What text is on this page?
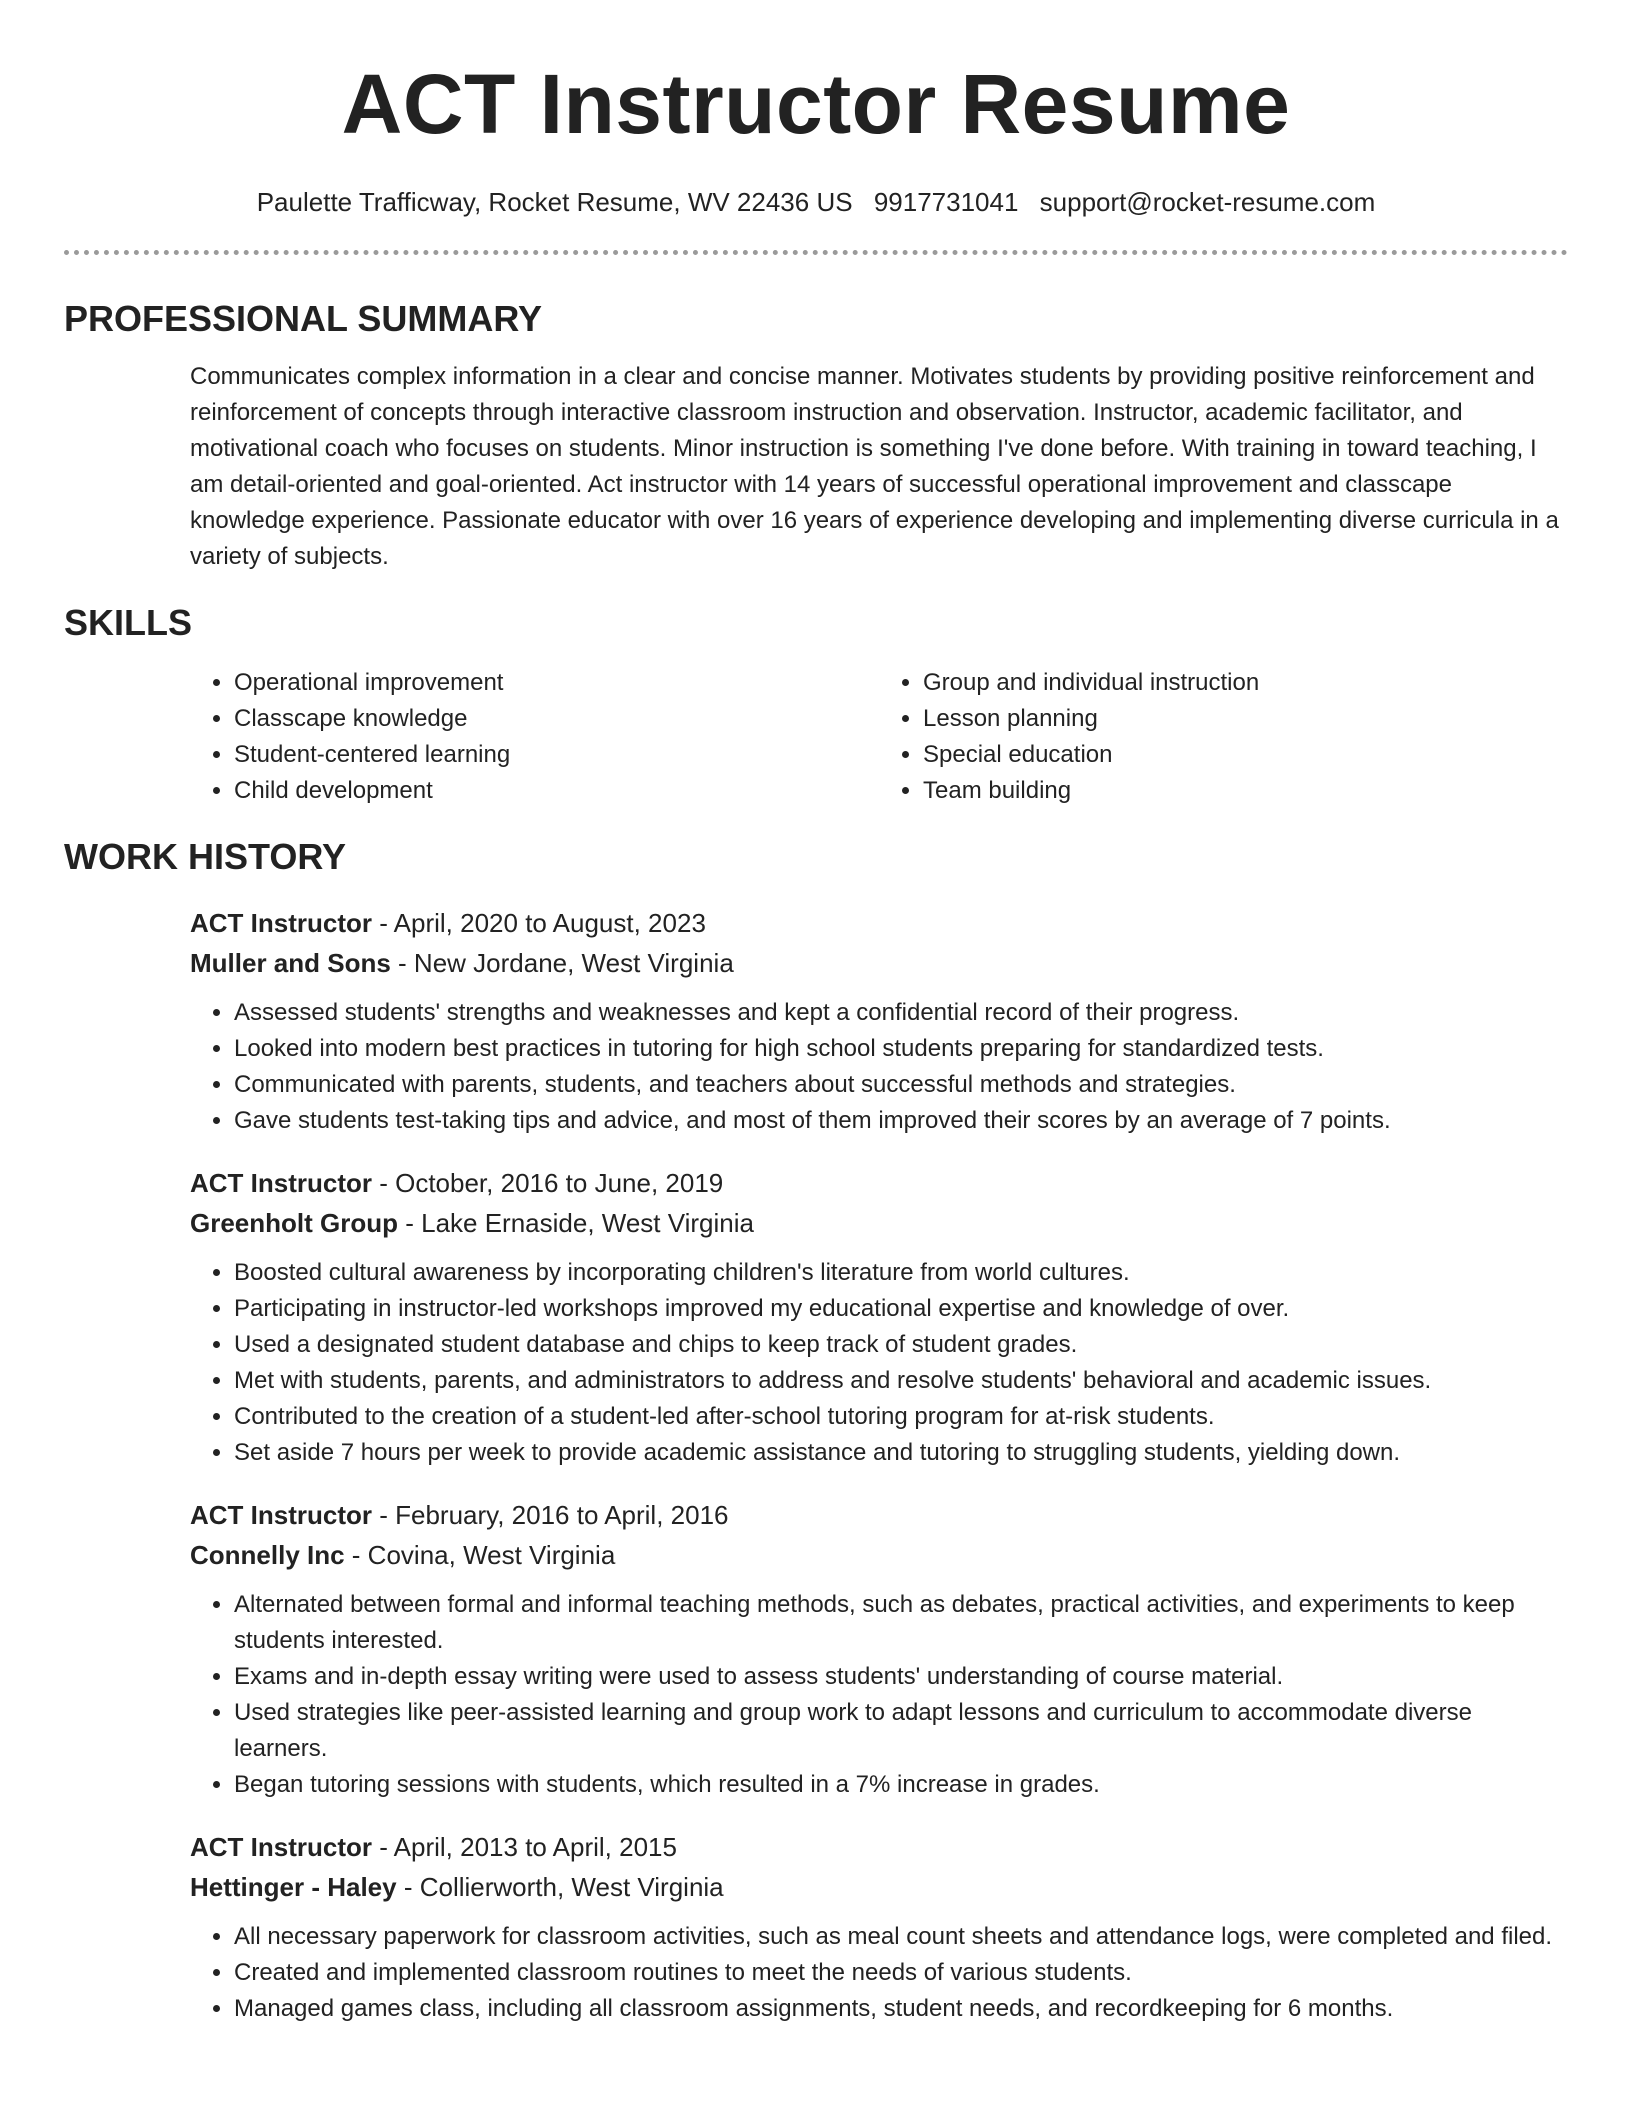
ACT Instructor Resume
Paulette Trafficway, Rocket Resume, WV 22436 US 9917731041 support@rocket-resume.com
PROFESSIONAL SUMMARY

Communicates complex information in a clear and concise manner. Motivates students by providing positive reinforcement and reinforcement of concepts through interactive classroom instruction and observation. Instructor, academic facilitator, and motivational coach who focuses on students. Minor instruction is something I've done before. With training in toward teaching, I am detail-oriented and goal-oriented. Act instructor with 14 years of successful operational improvement and classcape knowledge experience. Passionate educator with over 16 years of experience developing and implementing diverse curricula in a variety of subjects.

SKILLS
• Operational improvement
• Classcape knowledge
• Student-centered learning
• Child development
• Group and individual instruction
• Lesson planning
• Special education
• Team building
WORK HISTORY
ACT Instructor - April, 2020 to August, 2023
Muller and Sons - New Jordane, West Virginia
• Assessed students' strengths and weaknesses and kept a confidential record of their progress.
• Looked into modern best practices in tutoring for high school students preparing for standardized tests.
• Communicated with parents, students, and teachers about successful methods and strategies.
• Gave students test-taking tips and advice, and most of them improved their scores by an average of 7 points.
ACT Instructor - October, 2016 to June, 2019
Greenholt Group - Lake Ernaside, West Virginia
• Boosted cultural awareness by incorporating children's literature from world cultures.
• Participating in instructor-led workshops improved my educational expertise and knowledge of over.
• Used a designated student database and chips to keep track of student grades.
• Met with students, parents, and administrators to address and resolve students' behavioral and academic issues.
• Contributed to the creation of a student-led after-school tutoring program for at-risk students.
• Set aside 7 hours per week to provide academic assistance and tutoring to struggling students, yielding down.
ACT Instructor - February, 2016 to April, 2016
Connelly Inc - Covina, West Virginia
• Alternated between formal and informal teaching methods, such as debates, practical activities, and experiments to keep students interested.
• Exams and in-depth essay writing were used to assess students' understanding of course material.
• Used strategies like peer-assisted learning and group work to adapt lessons and curriculum to accommodate diverse learners.
• Began tutoring sessions with students, which resulted in a 7% increase in grades.
ACT Instructor - April, 2013 to April, 2015
Hettinger - Haley - Collierworth, West Virginia
• All necessary paperwork for classroom activities, such as meal count sheets and attendance logs, were completed and filed.
• Created and implemented classroom routines to meet the needs of various students.
• Managed games class, including all classroom assignments, student needs, and recordkeeping for 6 months.
